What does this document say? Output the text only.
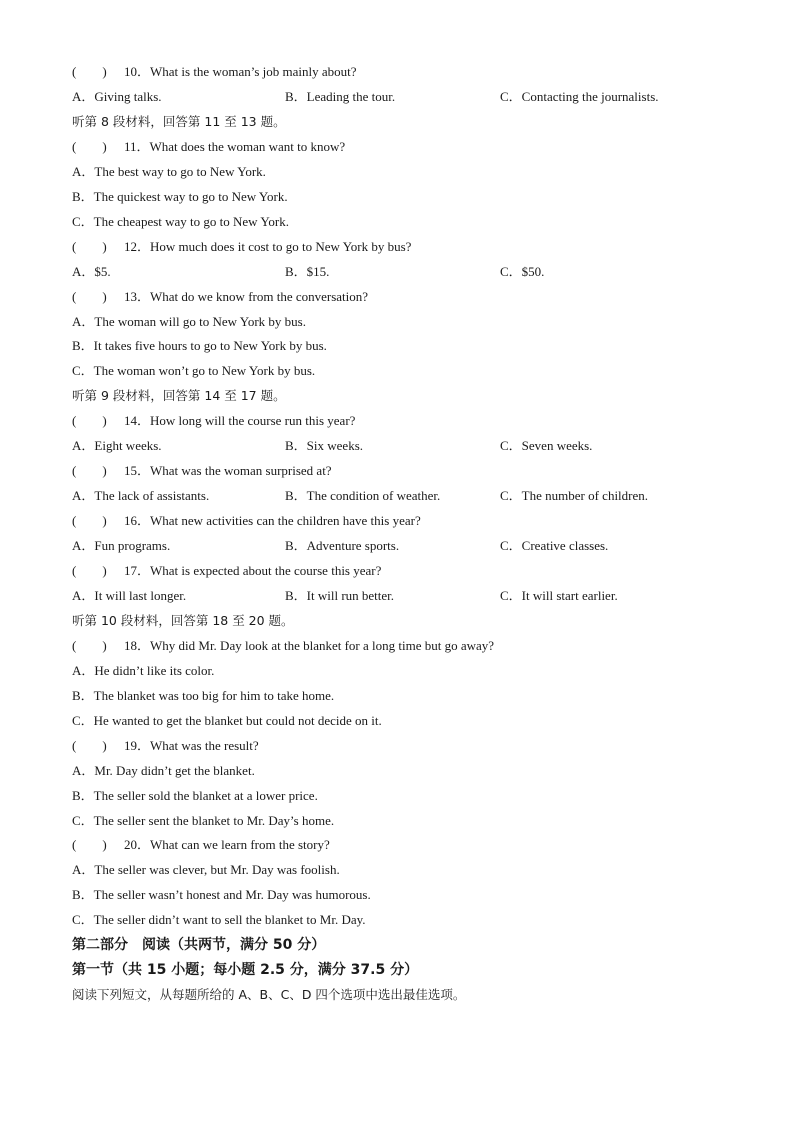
(　　) 10．What is the woman’s job mainly about?
A．Giving talks.	B．Leading the tour.	C．Contacting the journalists.
听第 8 段材料，回答第 11 至 13 题。
(　　) 11．What does the woman want to know?
A．The best way to go to New York.
B．The quickest way to go to New York.
C．The cheapest way to go to New York.
(　　) 12．How much does it cost to go to New York by bus?
A．$5.	B．$15.	C．$50.
(　　) 13．What do we know from the conversation?
A．The woman will go to New York by bus.
B．It takes five hours to go to New York by bus.
C．The woman won’t go to New York by bus.
听第 9 段材料，回答第 14 至 17 题。
(　　) 14．How long will the course run this year?
A．Eight weeks.	B．Six weeks.	C．Seven weeks.
(　　) 15．What was the woman surprised at?
A．The lack of assistants.	B．The condition of weather.	C．The number of children.
(　　) 16．What new activities can the children have this year?
A．Fun programs.	B．Adventure sports.	C．Creative classes.
(　　) 17．What is expected about the course this year?
A．It will last longer.	B．It will run better.	C．It will start earlier.
听第 10 段材料，回答第 18 至 20 题。
(　　) 18．Why did Mr. Day look at the blanket for a long time but go away?
A．He didn’t like its color.
B．The blanket was too big for him to take home.
C．He wanted to get the blanket but could not decide on it.
(　　) 19．What was the result?
A．Mr. Day didn’t get the blanket.
B．The seller sold the blanket at a lower price.
C．The seller sent the blanket to Mr. Day’s home.
(　　) 20．What can we learn from the story?
A．The seller was clever, but Mr. Day was foolish.
B．The seller wasn’t honest and Mr. Day was humorous.
C．The seller didn’t want to sell the blanket to Mr. Day.
第二部分　阅读（共两节，满分 50 分）
第一节（共 15 小题；每小题 2.5 分，满分 37.5 分）
阅读下列短文，从每题所给的 A、B、C、D 四个选项中选出最佳选项。
